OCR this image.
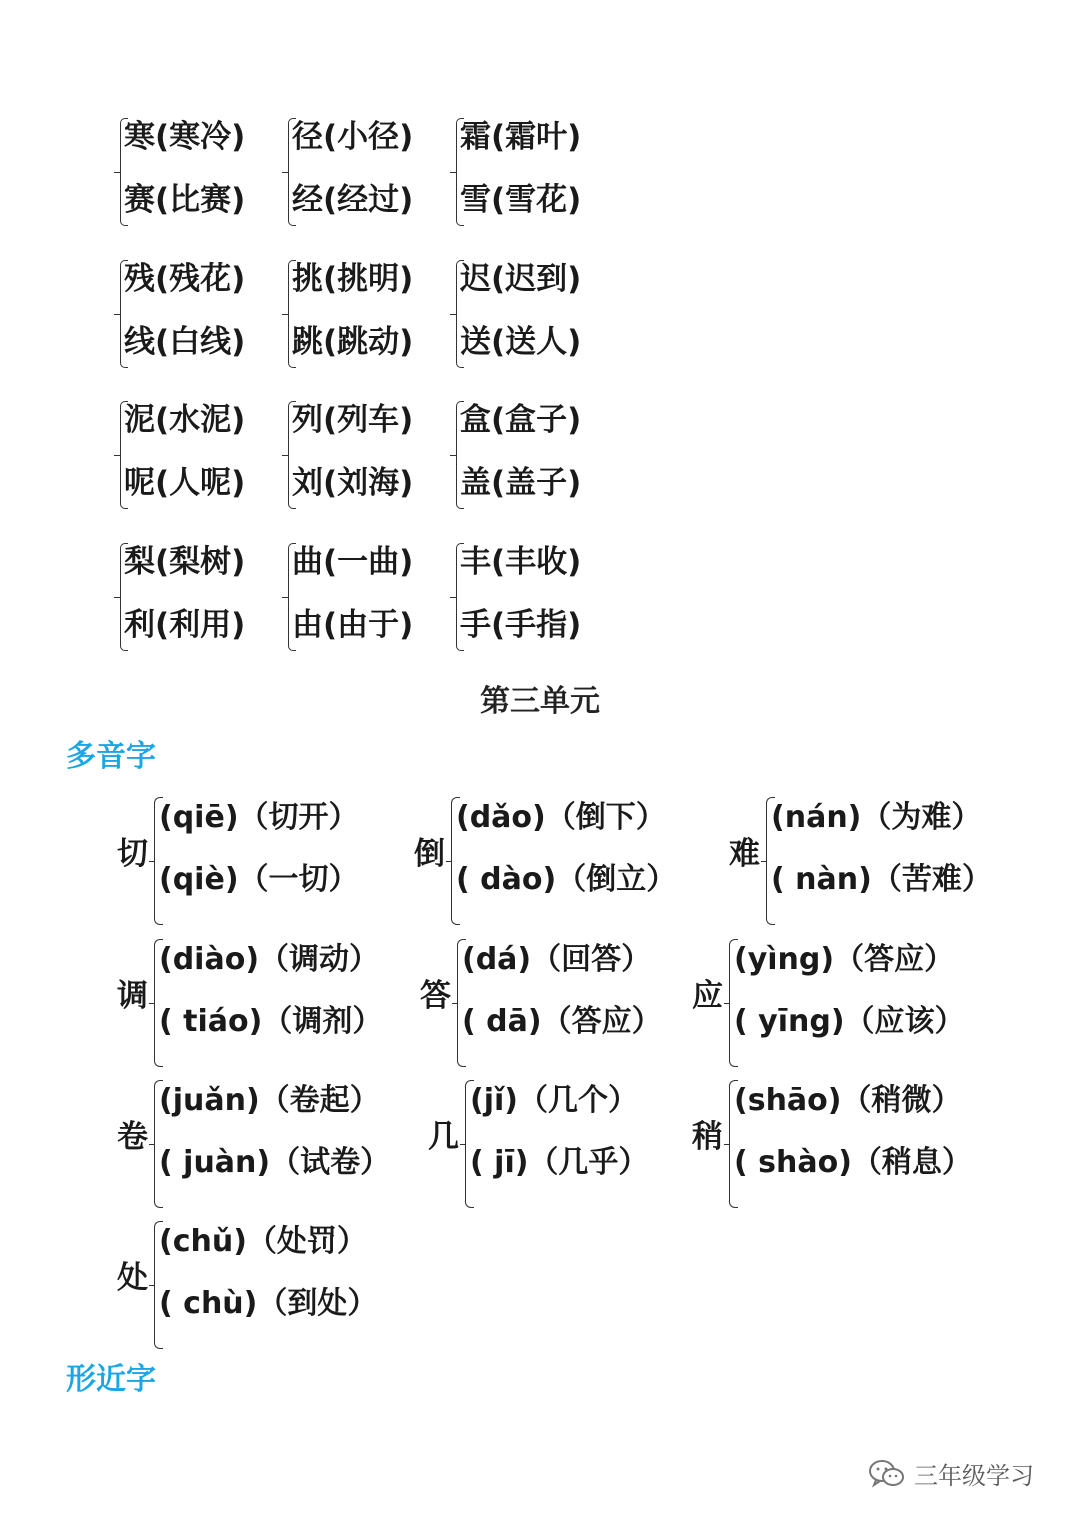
寒(寒冷)
赛(比赛)
径(小径)
经(经过)
霜(霜叶)
雪(雪花)
残(残花)
线(白线)
挑(挑明)
跳(跳动)
迟(迟到)
送(送人)
泥(水泥)
呢(人呢)
列(列车)
刘(刘海)
盒(盒子)
盖(盖子)
梨(梨树)
利(利用)
曲(一曲)
由(由于)
丰(丰收)
手(手指)
第三单元
多音字
切
(qiē)（切开）
(qiè)（一切）
倒
(dǎo)（倒下）
( dào)（倒立）
难
(nán)（为难）
( nàn)（苦难）
调
(diào)（调动）
( tiáo)（调剂）
答
(dá)（回答）
( dā)（答应）
应
(yìng)（答应）
( yīng)（应该）
卷
(juǎn)（卷起）
( juàn)（试卷）
几
(jǐ)（几个）
( jī)（几乎）
稍
(shāo)（稍微）
( shào)（稍息）
处
(chǔ)（处罚）
( chù)（到处）
形近字
三年级学习
